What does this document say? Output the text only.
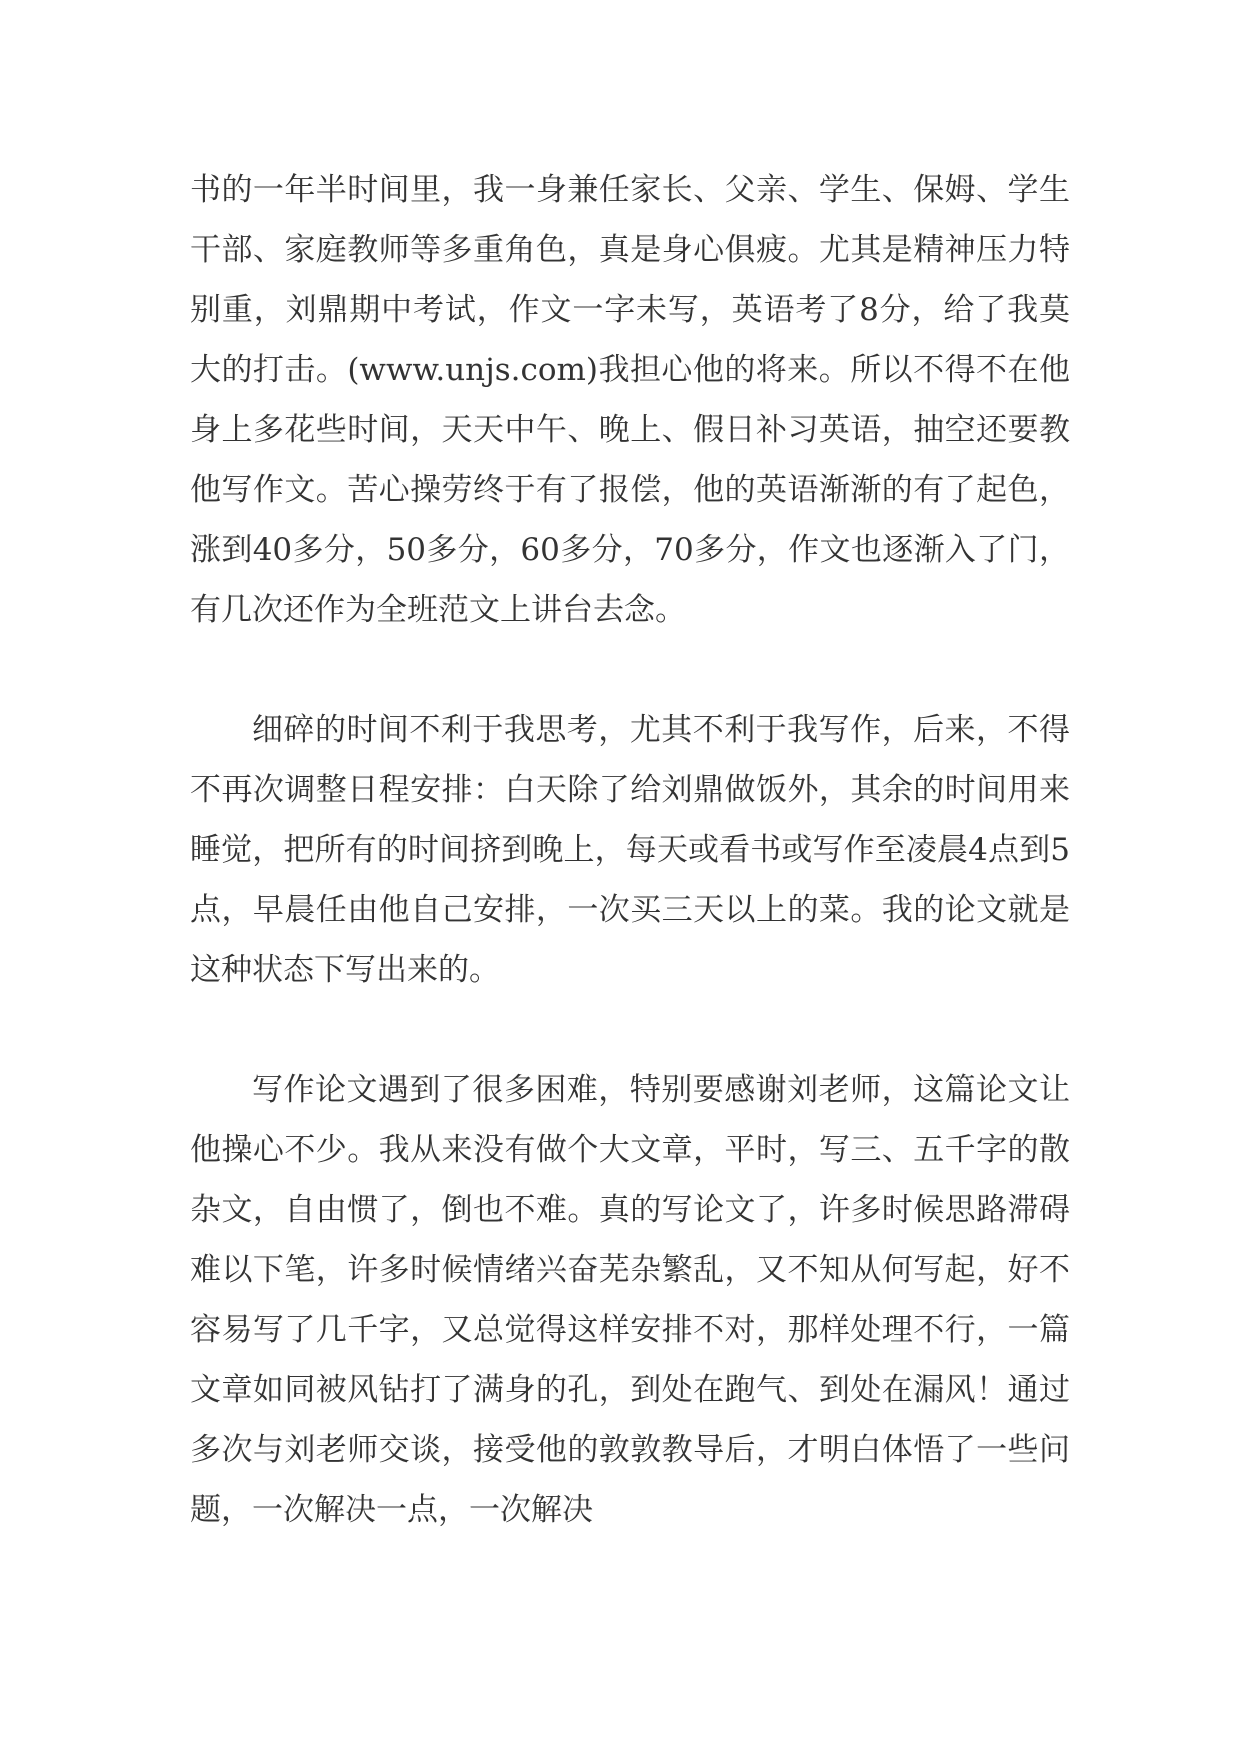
书的一年半时间里，我一身兼任家长、父亲、学生、保姆、学生干部、家庭教师等多重角色，真是身心俱疲。尤其是精神压力特别重，刘鼎期中考试，作文一字未写，英语考了8分，给了我莫大的打击。(www.unjs.com)我担心他的将来。所以不得不在他身上多花些时间，天天中午、晚上、假日补习英语，抽空还要教他写作文。苦心操劳终于有了报偿，他的英语渐渐的有了起色，涨到40多分，50多分，60多分，70多分，作文也逐渐入了门，有几次还作为全班范文上讲台去念。

细碎的时间不利于我思考，尤其不利于我写作，后来，不得不再次调整日程安排：白天除了给刘鼎做饭外，其余的时间用来睡觉，把所有的时间挤到晚上，每天或看书或写作至凌晨4点到5点，早晨任由他自己安排，一次买三天以上的菜。我的论文就是这种状态下写出来的。

写作论文遇到了很多困难，特别要感谢刘老师，这篇论文让他操心不少。我从来没有做个大文章，平时，写三、五千字的散杂文，自由惯了，倒也不难。真的写论文了，许多时候思路滞碍难以下笔，许多时候情绪兴奋芜杂繁乱，又不知从何写起，好不容易写了几千字，又总觉得这样安排不对，那样处理不行，一篇文章如同被风钻打了满身的孔，到处在跑气、到处在漏风！通过多次与刘老师交谈，接受他的敦敦教导后，才明白体悟了一些问题，一次解决一点，一次解决
